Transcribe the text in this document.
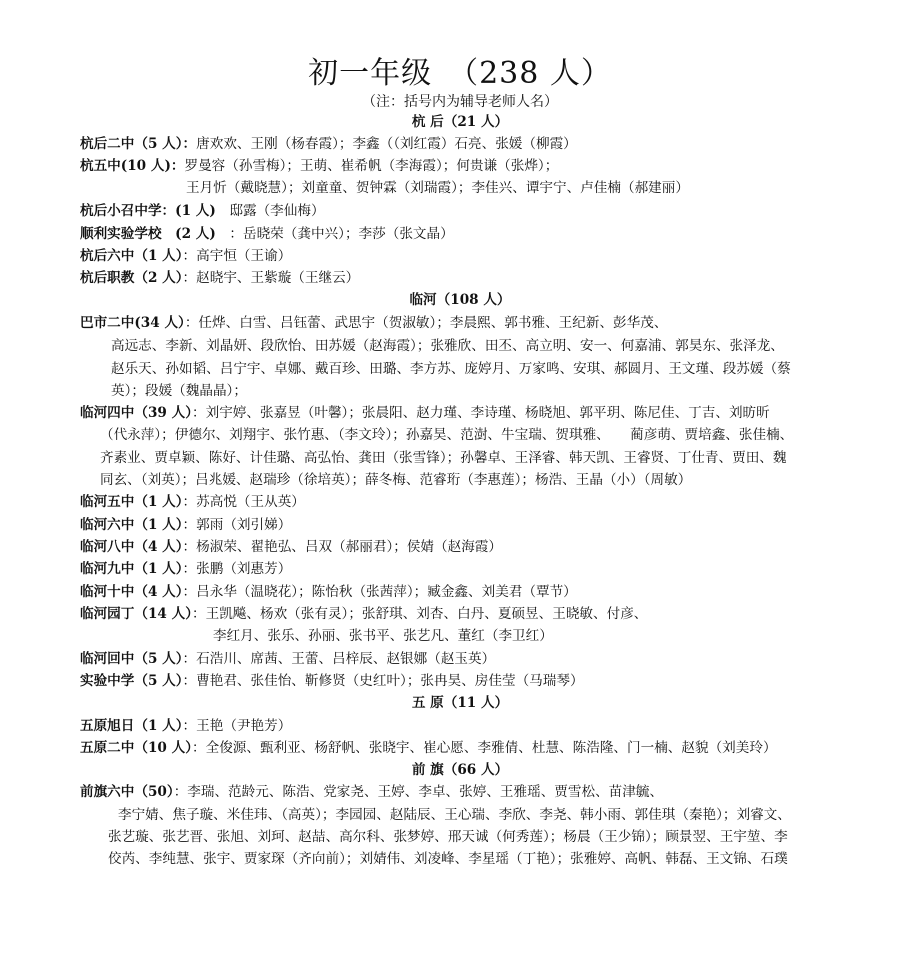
初一年级　（238 人）
（注：括号内为辅导老师人名）
杭 后（21 人）
杭后二中（5 人）：唐欢欢、王刚（杨春霞）；李鑫（（刘红霞）石亮、张媛（柳霞）
杭五中(10 人)：罗曼容（孙雪梅）；王萌、崔希帆（李海霞）；何贵谦（张烨）；
王月忻（戴晓慧）；刘童童、贺钟霖（刘瑞霞）；李佳兴、谭宇宁、卢佳楠（郝建丽）
杭后小召中学：(1 人)　邸露（李仙梅）
顺利实验学校　(2 人)　：岳晓荣（龚中兴）；李莎（张文晶）
杭后六中（1 人）：高宇恒（王谕）
杭后职教（2 人）：赵晓宇、王紫璇（王继云）
临河（108 人）
巴市二中(34 人）：任烨、白雪、吕钰蕾、武思宇（贺淑敏）；李晨熙、郭书雅、王纪新、彭华茂、
高远志、李新、刘晶妍、段欣怡、田苏媛（赵海霞）；张雅欣、田丕、高立明、安一、何嘉浦、郭昊东、张泽龙、
赵乐天、孙如韬、吕宁宇、卓娜、戴百珍、田璐、李方苏、庞婷月、万家鸣、安琪、郝圆月、王文瑾、段苏媛（蔡
英）；段媛（魏晶晶）；
临河四中（39 人）：刘宇婷、张嘉昱（叶馨）；张晨阳、赵力瑾、李诗瑾、杨晓旭、郭平玥、陈尼佳、丁吉、刘昉昕
（代永萍）；伊德尔、刘翔宇、张竹惠、（李文玲）；孙嘉昊、范澍、牛宝瑞、贺琪雅、　　蔺彦萌、贾培鑫、张佳楠、
齐素业、贾卓颖、陈好、计佳璐、高弘怡、龚田（张雪锋）；孙馨卓、王泽睿、韩天凯、王睿贤、丁仕青、贾田、魏
同玄、（刘英）；吕兆媛、赵瑞珍（徐培英）；薛冬梅、范睿珩（李惠莲）；杨浩、王晶（小）（周敏）
临河五中（1 人）：苏高悦（王从英）
临河六中（1 人）：郭雨（刘引娣）
临河八中（4 人）：杨淑荣、翟艳弘、吕双（郝丽君）；侯婧（赵海霞）
临河九中（1 人）：张鹏（刘惠芳）
临河十中（4 人）：吕永华（温晓花）；陈怡秋（张茜萍）；臧金鑫、刘美君（覃节）
临河园丁（14 人）：王凯飚、杨欢（张有灵）；张舒琪、刘杏、白丹、夏硕昱、王晓敏、付彦、
李红月、张乐、孙丽、张书平、张艺凡、董红（李卫红）
临河回中（5 人）：石浩川、席茜、王蕾、吕梓辰、赵银娜（赵玉英）
实验中学（5 人）：曹艳君、张佳怡、靳修贤（史红叶）；张冉昊、房佳莹（马瑞琴）
五 原（11 人）
五原旭日（1 人）：王艳（尹艳芳）
五原二中（10 人）：全俊源、甄利亚、杨舒帆、张晓宇、崔心愿、李雅倩、杜慧、陈浩隆、门一楠、赵貌（刘美玲）
前 旗（66 人）
前旗六中（50）：李瑞、范龄元、陈浩、党家尧、王婷、李卓、张婷、王雅瑶、贾雪松、苗津毓、
李宁婧、焦子璇、米佳玮、（高英）；李园园、赵陆辰、王心瑞、李欣、李尧、韩小雨、郭佳琪（秦艳）；刘睿文、
张艺璇、张艺晋、张旭、刘珂、赵喆、高尔科、张梦婷、邢天诚（何秀莲）；杨晨（王少锦）；顾景翌、王宇堃、李
佼芮、李纯慧、张宇、贾家琛（齐向前）；刘婧伟、刘凌峰、李星瑶（丁艳）；张雅婷、高帆、韩磊、王文锦、石璞
